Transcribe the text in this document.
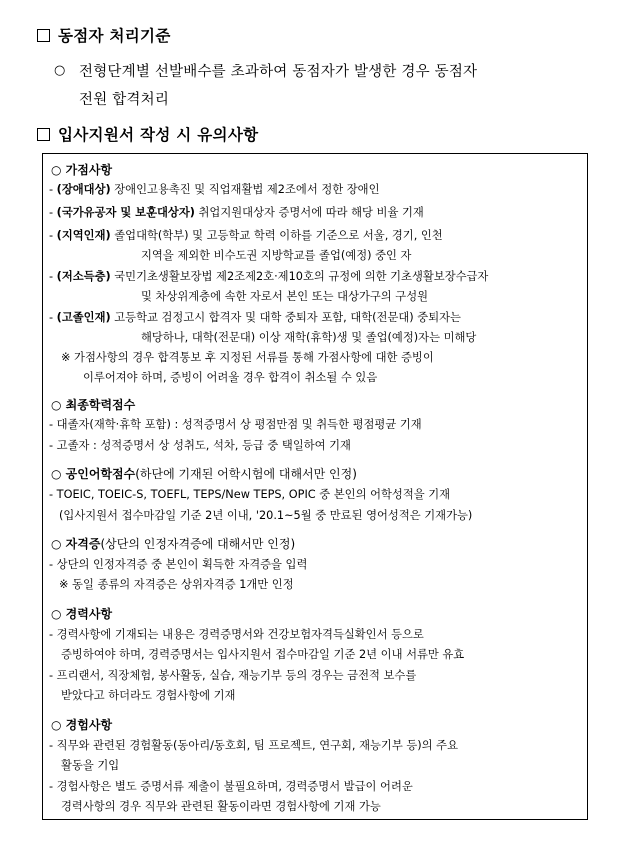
동점자 처리기준
○ 전형단계별 선발배수를 초과하여 동점자가 발생한 경우 동점자
전원 합격처리
입사지원서 작성 시 유의사항
○ 가점사항
- (장애대상) 장애인고용촉진 및 직업재활법 제2조에서 정한 장애인
- (국가유공자 및 보훈대상자) 취업지원대상자 증명서에 따라 해당 비율 기재
- (지역인재) 졸업대학(학부) 및 고등학교 학력 이하를 기준으로 서울, 경기, 인천
지역을 제외한 비수도권 지방학교를 졸업(예정) 중인 자
- (저소득층) 국민기초생활보장법 제2조제2호·제10호의 규정에 의한 기초생활보장수급자
및 차상위계층에 속한 자로서 본인 또는 대상가구의 구성원
- (고졸인재) 고등학교 검정고시 합격자 및 대학 중퇴자 포함, 대학(전문대) 중퇴자는
해당하나, 대학(전문대) 이상 재학(휴학)생 및 졸업(예정)자는 미해당
※ 가점사항의 경우 합격통보 후 지정된 서류를 통해 가점사항에 대한 증빙이
이루어져야 하며, 증빙이 어려울 경우 합격이 취소될 수 있음
○ 최종학력점수
- 대졸자(재학·휴학 포함) : 성적증명서 상 평점만점 및 취득한 평점평균 기재
- 고졸자 : 성적증명서 상 성취도, 석차, 등급 중 택일하여 기재
○ 공인어학점수(하단에 기재된 어학시험에 대해서만 인정)
- TOEIC, TOEIC-S, TOEFL, TEPS/New TEPS, OPIC 중 본인의 어학성적을 기재
(입사지원서 접수마감일 기준 2년 이내, '20.1~5월 중 만료된 영어성적은 기재가능)
○ 자격증(상단의 인정자격증에 대해서만 인정)
- 상단의 인정자격증 중 본인이 획득한 자격증을 입력
※ 동일 종류의 자격증은 상위자격증 1개만 인정
○ 경력사항
- 경력사항에 기재되는 내용은 경력증명서와 건강보험자격득실확인서 등으로
증빙하여야 하며, 경력증명서는 입사지원서 접수마감일 기준 2년 이내 서류만 유효
- 프리랜서, 직장체험, 봉사활동, 실습, 재능기부 등의 경우는 금전적 보수를
받았다고 하더라도 경험사항에 기재
○ 경험사항
- 직무와 관련된 경험활동(동아리/동호회, 팀 프로젝트, 연구회, 재능기부 등)의 주요
활동을 기입
- 경험사항은 별도 증명서류 제출이 불필요하며, 경력증명서 발급이 어려운
경력사항의 경우 직무와 관련된 활동이라면 경험사항에 기재 가능
